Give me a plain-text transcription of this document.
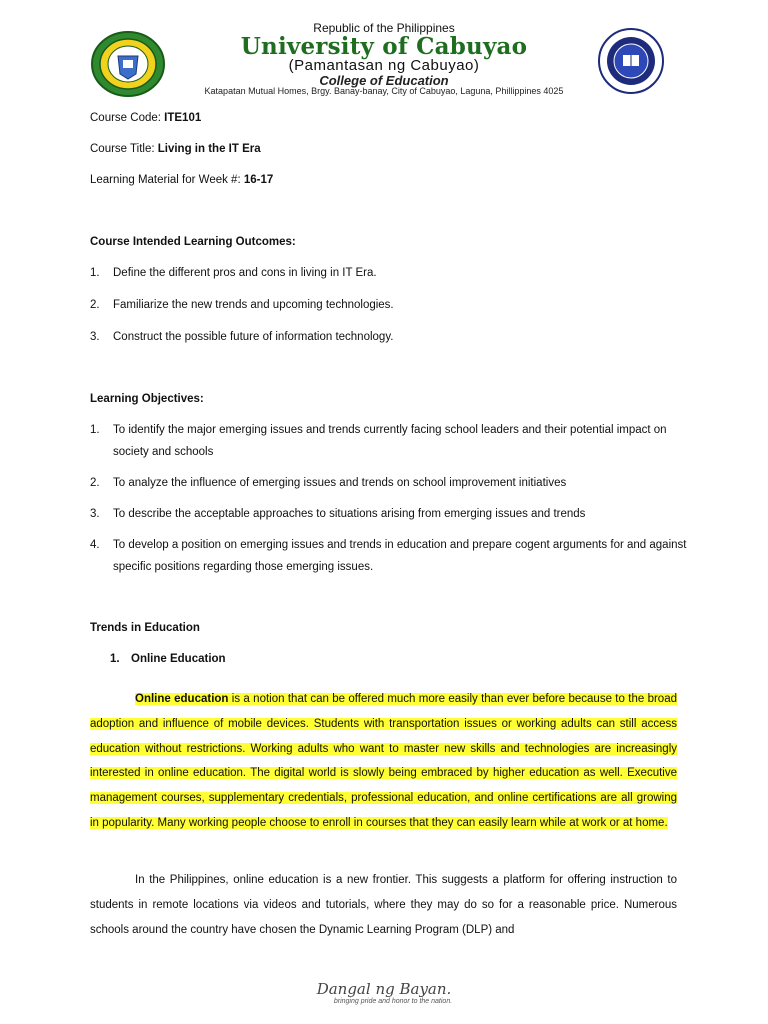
Republic of the Philippines
University of Cabuyao
(Pamantasan ng Cabuyao)
College of Education
Katapatan Mutual Homes, Brgy. Banay-banay, City of Cabuyao, Laguna, Phillippines 4025
Course Code: ITE101
Course Title: Living in the IT Era
Learning Material for Week #: 16-17
Course Intended Learning Outcomes:
1. Define the different pros and cons in living in IT Era.
2. Familiarize the new trends and upcoming technologies.
3. Construct the possible future of information technology.
Learning Objectives:
1. To identify the major emerging issues and trends currently facing school leaders and their potential impact on society and schools
2. To analyze the influence of emerging issues and trends on school improvement initiatives
3. To describe the acceptable approaches to situations arising from emerging issues and trends
4. To develop a position on emerging issues and trends in education and prepare cogent arguments for and against specific positions regarding those emerging issues.
Trends in Education
1. Online Education
Online education is a notion that can be offered much more easily than ever before because to the broad adoption and influence of mobile devices. Students with transportation issues or working adults can still access education without restrictions. Working adults who want to master new skills and technologies are increasingly interested in online education. The digital world is slowly being embraced by higher education as well. Executive management courses, supplementary credentials, professional education, and online certifications are all growing in popularity. Many working people choose to enroll in courses that they can easily learn while at work or at home.
In the Philippines, online education is a new frontier. This suggests a platform for offering instruction to students in remote locations via videos and tutorials, where they may do so for a reasonable price. Numerous schools around the country have chosen the Dynamic Learning Program (DLP) and
Dangal ng Bayan.
bringing pride and honor to the nation.
